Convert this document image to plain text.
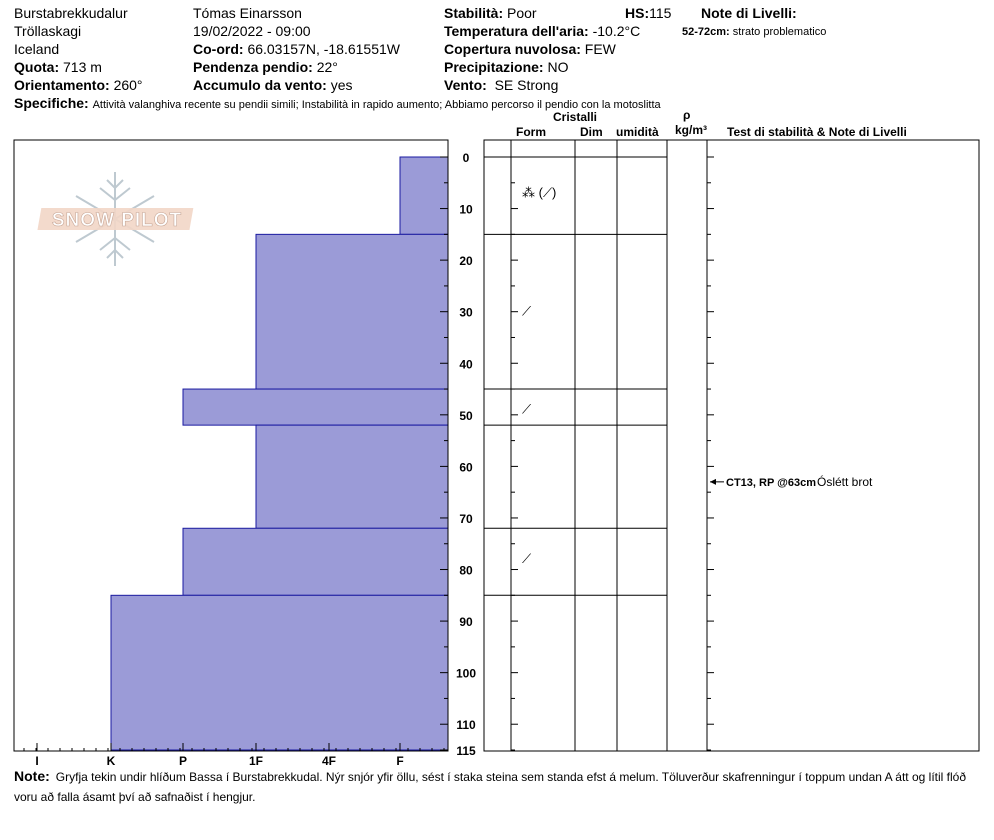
Burstabrekkudalur
Tröllaskagi
Iceland
Quota: 713 m
Orientamento: 260°
Tómas Einarsson
19/02/2022 - 09:00
Co-ord: 66.03157N, -18.61551W
Pendenza pendio: 22°
Accumulo da vento: yes
Stabilità: Poor	HS:115
Temperatura dell'aria: -10.2°C
Copertura nuvolosa: FEW
Precipitazione: NO
Vento: SE Strong
Note di Livelli:
52-72cm: strato problematico
Specifiche: Attività valanghiva recente su pendii simili; Instabilità in rapido aumento; Abbiamo percorso il pendio con la motoslitta
Cristalli
Form	Dim umidità
ρ
kg/m³ Test di stabilità & Note di Livelli
SNOW PILOT
I	K	P	1F	4F	F
0
10
20
30
40
50
60
70
80
90
100
110
115
⁂ (⟋)
⟋
⟋
⟋
CT13, RP @63cm Óslétt brot
Note: Gryfja tekin undir hlíðum Bassa í Burstabrekkudal. Nýr snjór yfir öllu, sést í staka steina sem standa efst á melum. Töluverður skafrenningur í toppum undan A átt og lítil flóð voru að falla ásamt því að safnaðist í hengjur.
